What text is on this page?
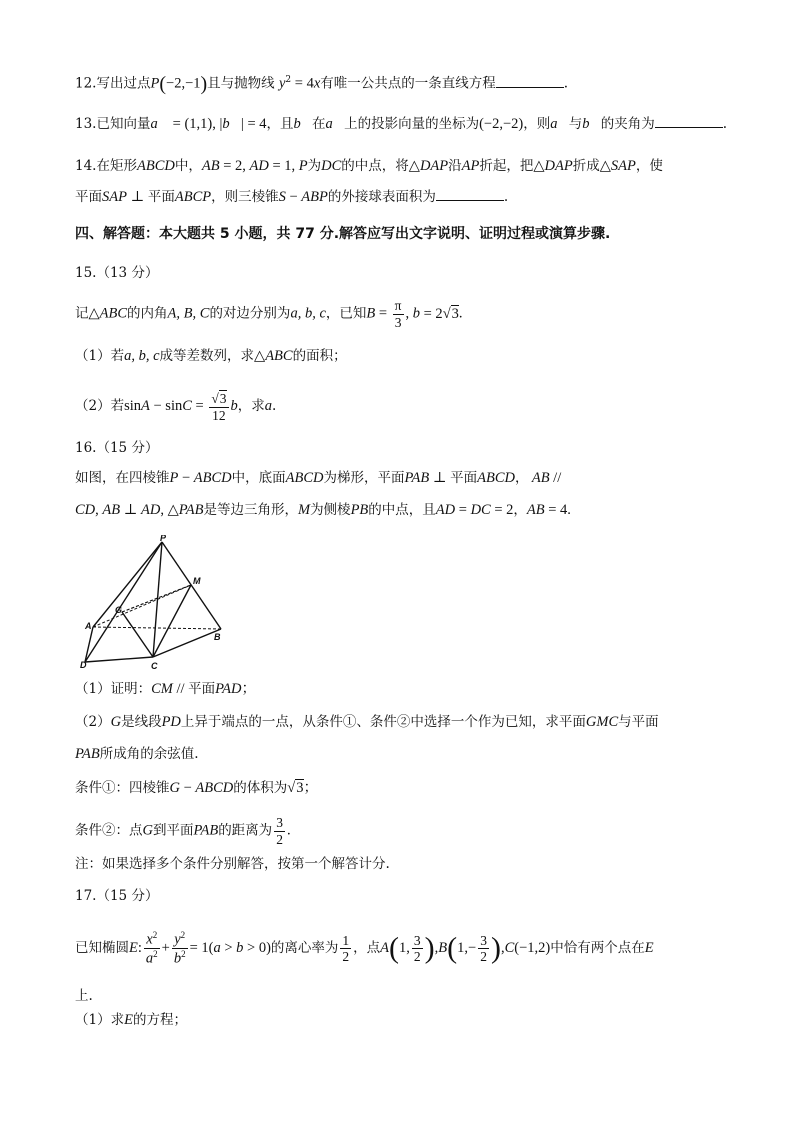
12.写出过点P(−2,−1)且与抛物线 $y^2 = 4x$有唯一公共点的一条直线方程	.
13.已知向量a⃗ = (1,1), |b⃗| = 4，且b⃗在a⃗上的投影向量的坐标为(−2,−2)，则a⃗与b⃗的夹角为	.
14.在矩形ABCD中，AB = 2, AD = 1, P为DC的中点，将△DAP沿AP折起，把△DAP折成△SAP，使
平面SAP ⊥ 平面ABCP，则三棱锥S − ABP的外接球表面积为	.
四、解答题：本大题共 5 小题，共 77 分.解答应写出文字说明、证明过程或演算步骤.
15.（13 分）
记△ABC的内角A, B, C的对边分别为a, b, c，已知$B = \frac{\pi}{3}$ , b = 2√3.
（1）若a, b, c成等差数列，求△ABC的面积；
（2）若$\sin A - \sin C = \frac{√3}{12}$ b，求a.
16.（15 分）
如图，在四棱锥P − ABCD中，底面ABCD为梯形，平面PAB ⊥ 平面ABCD， AB //
CD, AB ⊥ AD, △PAB是等边三角形，M为侧棱PB的中点，且AD = DC = 2，AB = 4.
P
M
G
A
B
C
D
（1）证明：CM // 平面PAD；
（2）G是线段PD上异于端点的一点，从条件①、条件②中选择一个作为已知，求平面GMC与平面
PAB所成角的余弦值.
条件①：四棱锥G − ABCD的体积为√3；
条件②：点G到平面PAB的距离为 $\frac{3}{2}$ .
注：如果选择多个条件分别解答，按第一个解答计分.
17.（15 分）
已知椭圆E: $\frac{x^2}{a^2} + \frac{y^2}{b^2} = 1(a > b > 0)$的离心率为 $\frac{1}{2}$ ，点A(1, $\frac{3}{2} ),B(1,- \frac{3}{2} ),C(-1,2)$中恰有两个点在E
上.
（1）求E的方程；
